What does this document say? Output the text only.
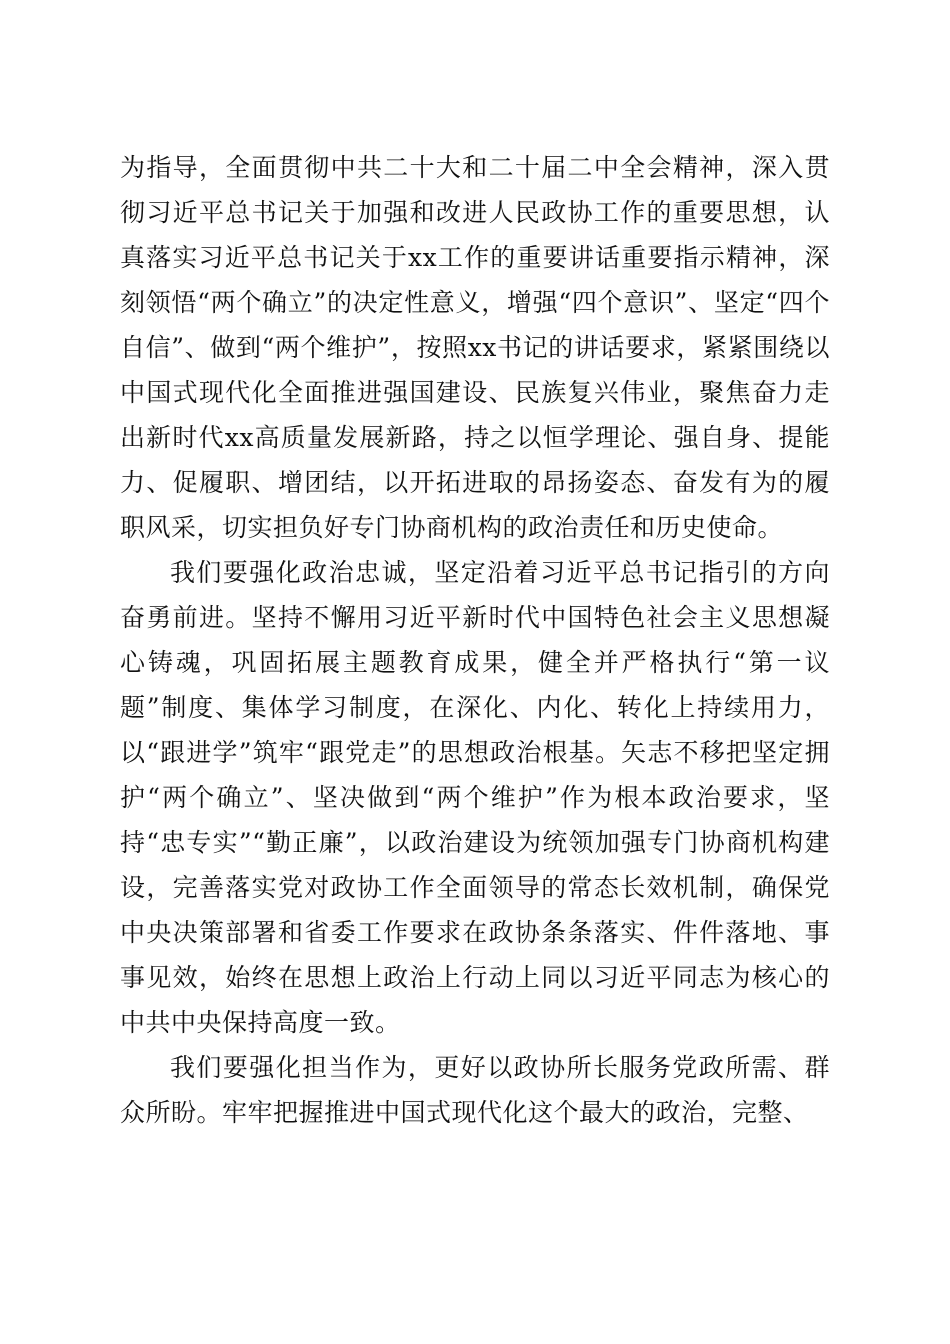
为指导，全面贯彻中共二十大和二十届二中全会精神，深入贯彻习近平总书记关于加强和改进人民政协工作的重要思想，认真落实习近平总书记关于xx工作的重要讲话重要指示精神，深刻领悟“两个确立”的决定性意义，增强“四个意识”、坚定“四个自信”、做到“两个维护”，按照xx书记的讲话要求，紧紧围绕以中国式现代化全面推进强国建设、民族复兴伟业，聚焦奋力走出新时代xx高质量发展新路，持之以恒学理论、强自身、提能力、促履职、增团结，以开拓进取的昂扬姿态、奋发有为的履职风采，切实担负好专门协商机构的政治责任和历史使命。

我们要强化政治忠诚，坚定沿着习近平总书记指引的方向奋勇前进。坚持不懈用习近平新时代中国特色社会主义思想凝心铸魂，巩固拓展主题教育成果，健全并严格执行“第一议题”制度、集体学习制度，在深化、内化、转化上持续用力，以“跟进学”筑牢“跟党走”的思想政治根基。矢志不移把坚定拥护“两个确立”、坚决做到“两个维护”作为根本政治要求，坚持“忠专实”“勤正廉”，以政治建设为统领加强专门协商机构建设，完善落实党对政协工作全面领导的常态长效机制，确保党中央决策部署和省委工作要求在政协条条落实、件件落地、事事见效，始终在思想上政治上行动上同以习近平同志为核心的中共中央保持高度一致。

我们要强化担当作为，更好以政协所长服务党政所需、群众所盼。牢牢把握推进中国式现代化这个最大的政治，完整、
